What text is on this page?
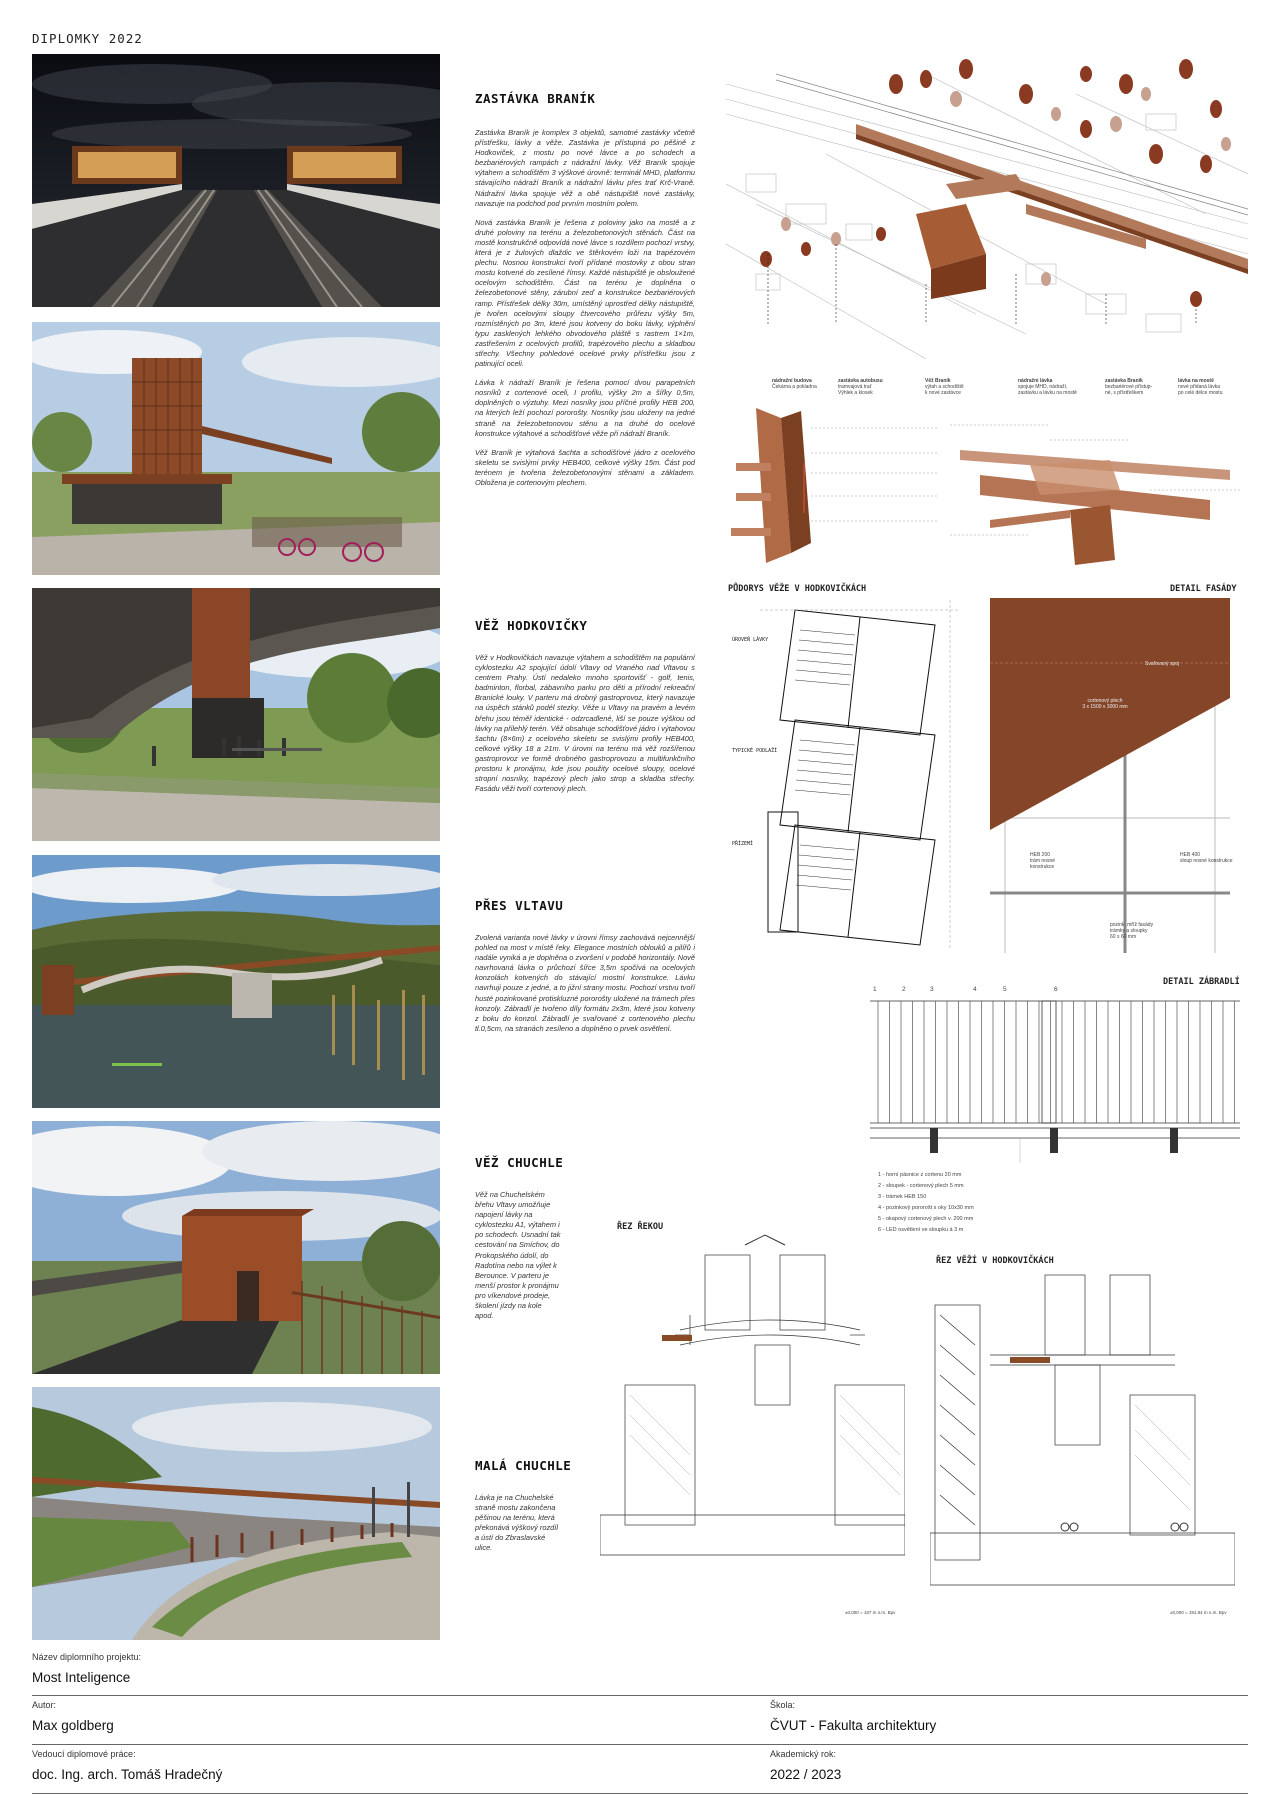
DIPLOMKY 2022
ZASTÁVKA BRANÍK

Zastávka Braník je komplex 3 objektů, samotné zastávky včetně přístřešku, lávky a věže. Zastávka je přístupná po pěšině z Hodkoviček, z mostu po nové lávce a po schodech a bezbariérových rampách z nádražní lávky. Věž Braník spojuje výtahem a schodištěm 3 výškové úrovně: terminál MHD, platformu stávajícího nádraží Braník a nádražní lávku přes trať Krč-Vraně. Nádražní lávka spojuje věž a obě nástupiště nové zastávky, navazuje na podchod pod prvním mostním polem.

Nová zastávka Braník je řešena z poloviny jako na mostě a z druhé poloviny na terénu a železobetonových stěnách. Část na mostě konstrukčně odpovídá nové lávce s rozdílem pochozí vrstvy, která je z žulových dlaždic ve štěrkovém loži na trapézovém plechu. Nosnou konstrukci tvoří přídané mostovky z obou stran mostu kotvené do zesílené římsy. Každé nástupiště je obsloužené ocelovým schodištěm. Část na terénu je doplněna o železobetonové stěny, zárubní zeď a konstrukce bezbariérových ramp. Přístřešek délky 30m, umístěný uprostřed délky nástupiště, je tvořen ocelovými sloupy čtvercového průřezu výšky 5m, rozmístěných po 3m, které jsou kotveny do boku lávky, výplnění typu zasklených lehkého obvodového pláště s rastrem 1×1m, zastřešením z ocelových profilů, trapézového plechu a skladbou střechy. Všechny pohledové ocelové prvky přístřešku jsou z patinující oceli.

Lávka k nádraží Braník je řešena pomocí dvou parapetních nosníků z cortenové oceli, I profilu, výšky 2m a šířky 0,5m, doplněných o výztuhy. Mezi nosníky jsou příčné profily HEB 200, na kterých leží pochozí pororošty. Nosníky jsou uloženy na jedné straně na železobetonovou stěnu a na druhé do ocelové konstrukce výtahové a schodišťové věže při nádraží Braník.

Věž Braník je výtahová šachta a schodišťové jádro z ocelového skeletu se svislými prvky HEB400, celkové výšky 15m. Část pod terénem je tvořena železobetonovými stěnami a základem. Obložena je cortenovým plechem.

VĚŽ HODKOVIČKY

Věž v Hodkovičkách navazuje výtahem a schodištěm na populární cyklostezku A2 spojující údolí Vltavy od Vraného nad Vltavou s centrem Prahy. Ústí nedaleko mnoho sportovišť - golf, tenis, badminton, florbal, zábavního parku pro děti a přírodní rekreační Branické louky. V parteru má drobný gastroprovoz, který navazuje na úspěch stánků podél stezky. Věže u Vltavy na pravém a levém břehu jsou téměř identické - odzrcadlené, liší se pouze výškou od lávky na přilehlý terén. Věž obsahuje schodišťové jádro i výtahovou šachtu (8×6m) z ocelového skeletu se svislými profily HEB400, celkové výšky 18 a 21m. V úrovni na terénu má věž rozšířenou gastroprovoz ve formě drobného gastroprovozu a multifunkčního prostoru k pronájmu, kde jsou použity ocelové sloupy, ocelové stropní nosníky, trapézový plech jako strop a skladba střechy. Fasádu věži tvoří cortenový plech.

PŘES VLTAVU

Zvolená varianta nové lávky v úrovni římsy zachovává nejcennější pohled na most v místě řeky. Elegance mostních oblouků a pilířů i nadále vyniká a je doplněna o zvoršení v podobě horizontály. Nově navrhovaná lávka o průchozí šířce 3,5m spočívá na ocelových konzolách kotvených do stávající mostní konstrukce. Lávku navrhuji pouze z jedné, a to jižní strany mostu. Pochozí vrstvu tvoří husté pozinkované protiskluzné pororošty uložené na trámech přes konzoly. Zábradlí je tvořeno díly formátu 2x3m, které jsou kotveny z boku do konzol. Zábradlí je svařované z cortenového plechu tl.0,5cm, na stranách zesíleno a doplněno o prvek osvětlení.

VĚŽ CHUCHLE

Věž na Chuchelském břehu Vltavy umožňuje napojení lávky na cyklostezku A1, výtahem i po schodech. Usnadní tak cestování na Smíchov, do Prokopského údolí, do Radotína nebo na výlet k Berounce. V parteru je menší prostor k pronájmu pro víkendové prodeje, školení jízdy na kole apod.

MALÁ CHUCHLE

Lávka je na Chuchelské straně mostu zakončena pěšinou na terénu, která překonává výškový rozdíl a ústí do Zbraslavské ulice.

nádražní budova
Čekárna a pokladna
zastávka autobusu
tramvajová trať
Výhlek a kiosek
Věž Braník
výtah a schodiště
k nové zastávce
nádražní lávka
spojuje MHD, nádraží,
zastávku a lávku na mostě
zastávka Braník
bezbariérové přístup-
né, s přístřeškem
lávka na mostě
nové přidaná lávka
po celé délce mostu
PŮDORYS VĚŽE V HODKOVIČKÁCH
ÚROVEŇ LÁVKY
TYPICKÉ PODLAŽÍ
PŘÍZEMÍ
DETAIL FASÁDY
Svařovaný spoj
cortenový plech
3 x 1500 x 3000 mm
HEB 200
trám nosné konstrukce
HEB 400
sloup nosné konstrukce
pozink. mříž fasády
trámky a sloupky
60 x 60 mm
DETAIL ZÁBRADLÍ
1	2	3	4	5	6
1 - horní pásnice z cortenu 20 mm
2 - sloupek - cortenový plech 5 mm
3 - trámek HEB 150
4 - pozinkový pororošt s oky 10x30 mm
5 - okapový cortenový plech v. 200 mm
6 - LED osvětlení ve sloupku á 3 m
ŘEZ ŘEKOU
±0,000 = 187 m n.m. Bpv
ŘEZ VĚŽÍ V HODKOVIČKÁCH
±0,000 = 191,84 m n.m. Bpv
Název diplomního projektu:
Most Inteligence
Autor:
Max goldberg
Škola:
ČVUT - Fakulta architektury
Vedoucí diplomové práce:
doc. Ing. arch. Tomáš Hradečný
Akademický rok:
2022 / 2023
